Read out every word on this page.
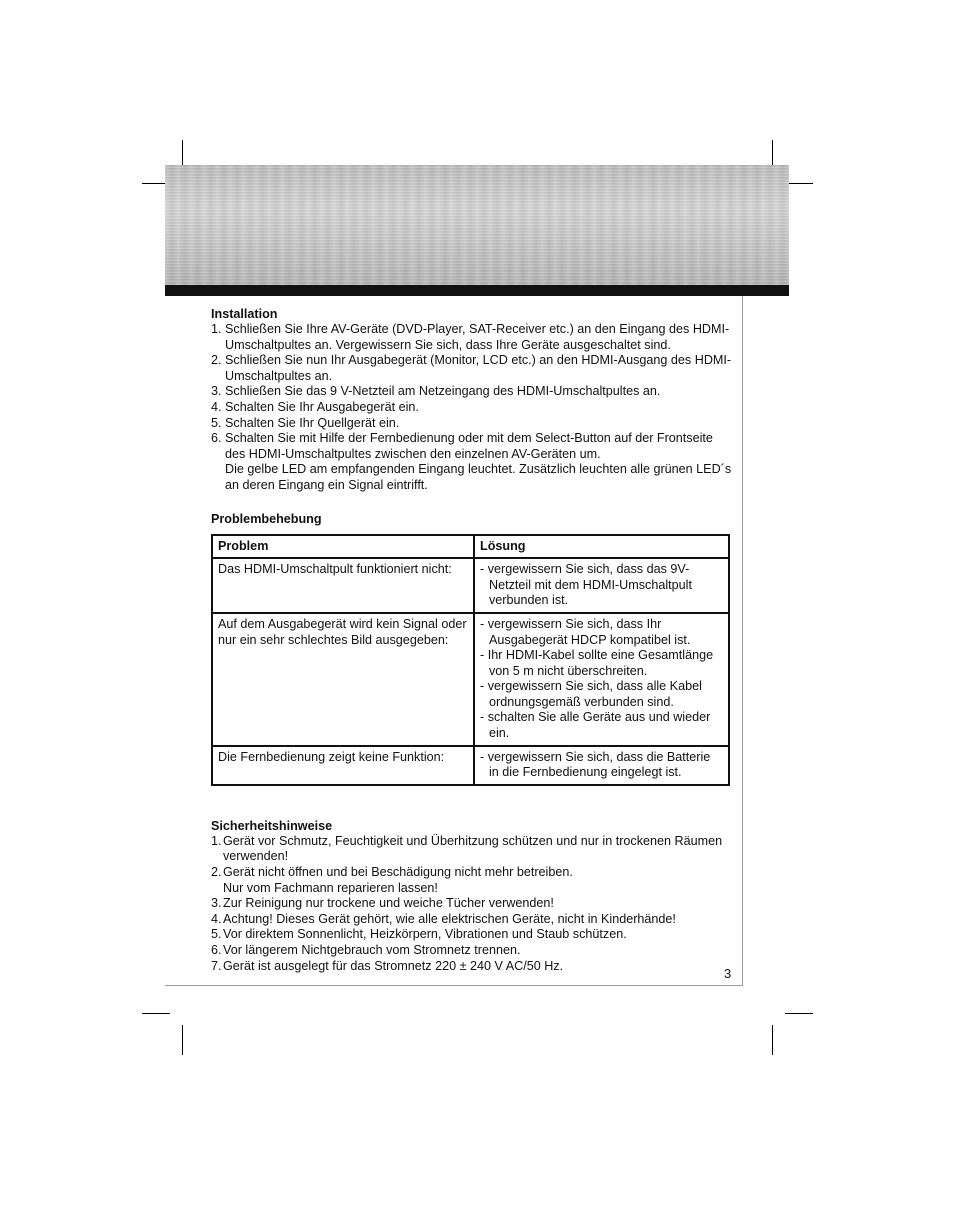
3
Installation
1. Schließen Sie Ihre AV-Geräte (DVD-Player, SAT-Receiver etc.) an den Eingang des HDMI-Umschaltpultes an. Vergewissern Sie sich, dass Ihre Geräte ausgeschaltet sind.
2. Schließen Sie nun Ihr Ausgabegerät (Monitor, LCD etc.) an den HDMI-Ausgang des HDMI-Umschaltpultes an.
3. Schließen Sie das 9 V-Netzteil am Netzeingang des HDMI-Umschaltpultes an.
4. Schalten Sie Ihr Ausgabegerät ein.
5. Schalten Sie Ihr Quellgerät ein.
6. Schalten Sie mit Hilfe der Fernbedienung oder mit dem Select-Button auf der Frontseite des HDMI-Umschaltpultes zwischen den einzelnen AV-Geräten um.
Die gelbe LED am empfangenden Eingang leuchtet. Zusätzlich leuchten alle grünen LED´s an deren Eingang ein Signal eintrifft.
Problembehebung
Problem	Lösung
Das HDMI-Umschaltpult funktioniert nicht:	- vergewissern Sie sich, dass das 9V-Netzteil mit dem HDMI-Umschaltpult verbunden ist.

Auf dem Ausgabegerät wird kein Signal oder nur ein sehr schlechtes Bild ausgegeben:	- vergewissern Sie sich, dass Ihr Ausgabegerät HDCP kompatibel ist.
- Ihr HDMI-Kabel sollte eine Gesamtlänge von 5 m nicht überschreiten.
- vergewissern Sie sich, dass alle Kabel ordnungsgemäß verbunden sind.
- schalten Sie alle Geräte aus und wieder ein.

Die Fernbedienung zeigt keine Funktion:	- vergewissern Sie sich, dass die Batterie in die Fernbedienung eingelegt ist.
Sicherheitshinweise
1. Gerät vor Schmutz, Feuchtigkeit und Überhitzung schützen und nur in trockenen Räumen verwenden!
2. Gerät nicht öffnen und bei Beschädigung nicht mehr betreiben.
Nur vom Fachmann reparieren lassen!
3. Zur Reinigung nur trockene und weiche Tücher verwenden!
4. Achtung! Dieses Gerät gehört, wie alle elektrischen Geräte, nicht in Kinderhände!
5. Vor direktem Sonnenlicht, Heizkörpern, Vibrationen und Staub schützen.
6. Vor längerem Nichtgebrauch vom Stromnetz trennen.
7. Gerät ist ausgelegt für das Stromnetz 220 ± 240 V AC/50 Hz.
